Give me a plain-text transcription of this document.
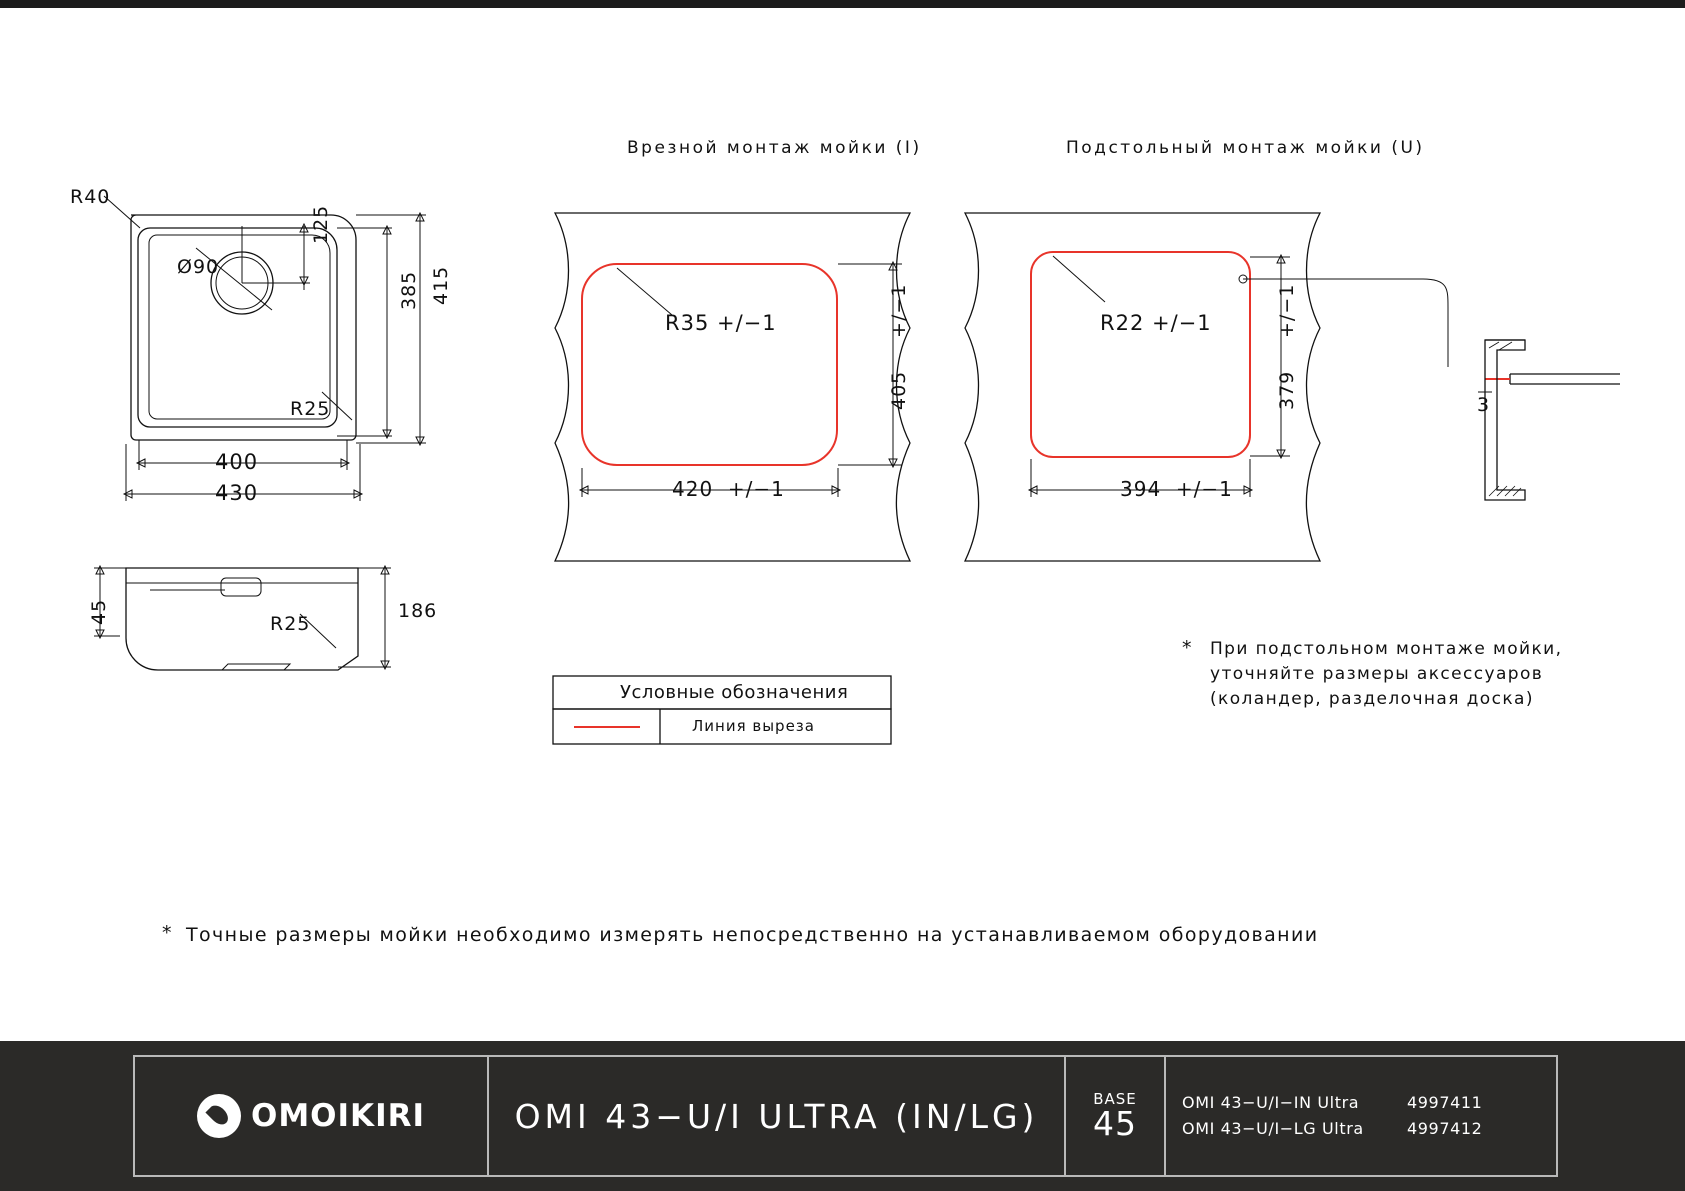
Врезной монтаж мойки (I)	Подстольный монтаж мойки (U)
R40
Ø90
R25
125
385 415
400
430
45	186
R25
R35 +/−1
405
+/−1
420  +/−1
R22 +/−1
379
+/−1
394  +/−1
3
Условные обозначения
Линия выреза
* При подстольном монтаже мойки,
уточняйте размеры аксессуаров
(коландер, разделочная доска)
* Точные размеры мойки необходимо измерять непосредственно на устанавливаемом оборудовании
OMOIKIRI	OMI 43−U/I ULTRA (IN/LG)	BASE
45
OMI 43−U/I−IN Ultra	4997411
OMI 43−U/I−LG Ultra	4997412
